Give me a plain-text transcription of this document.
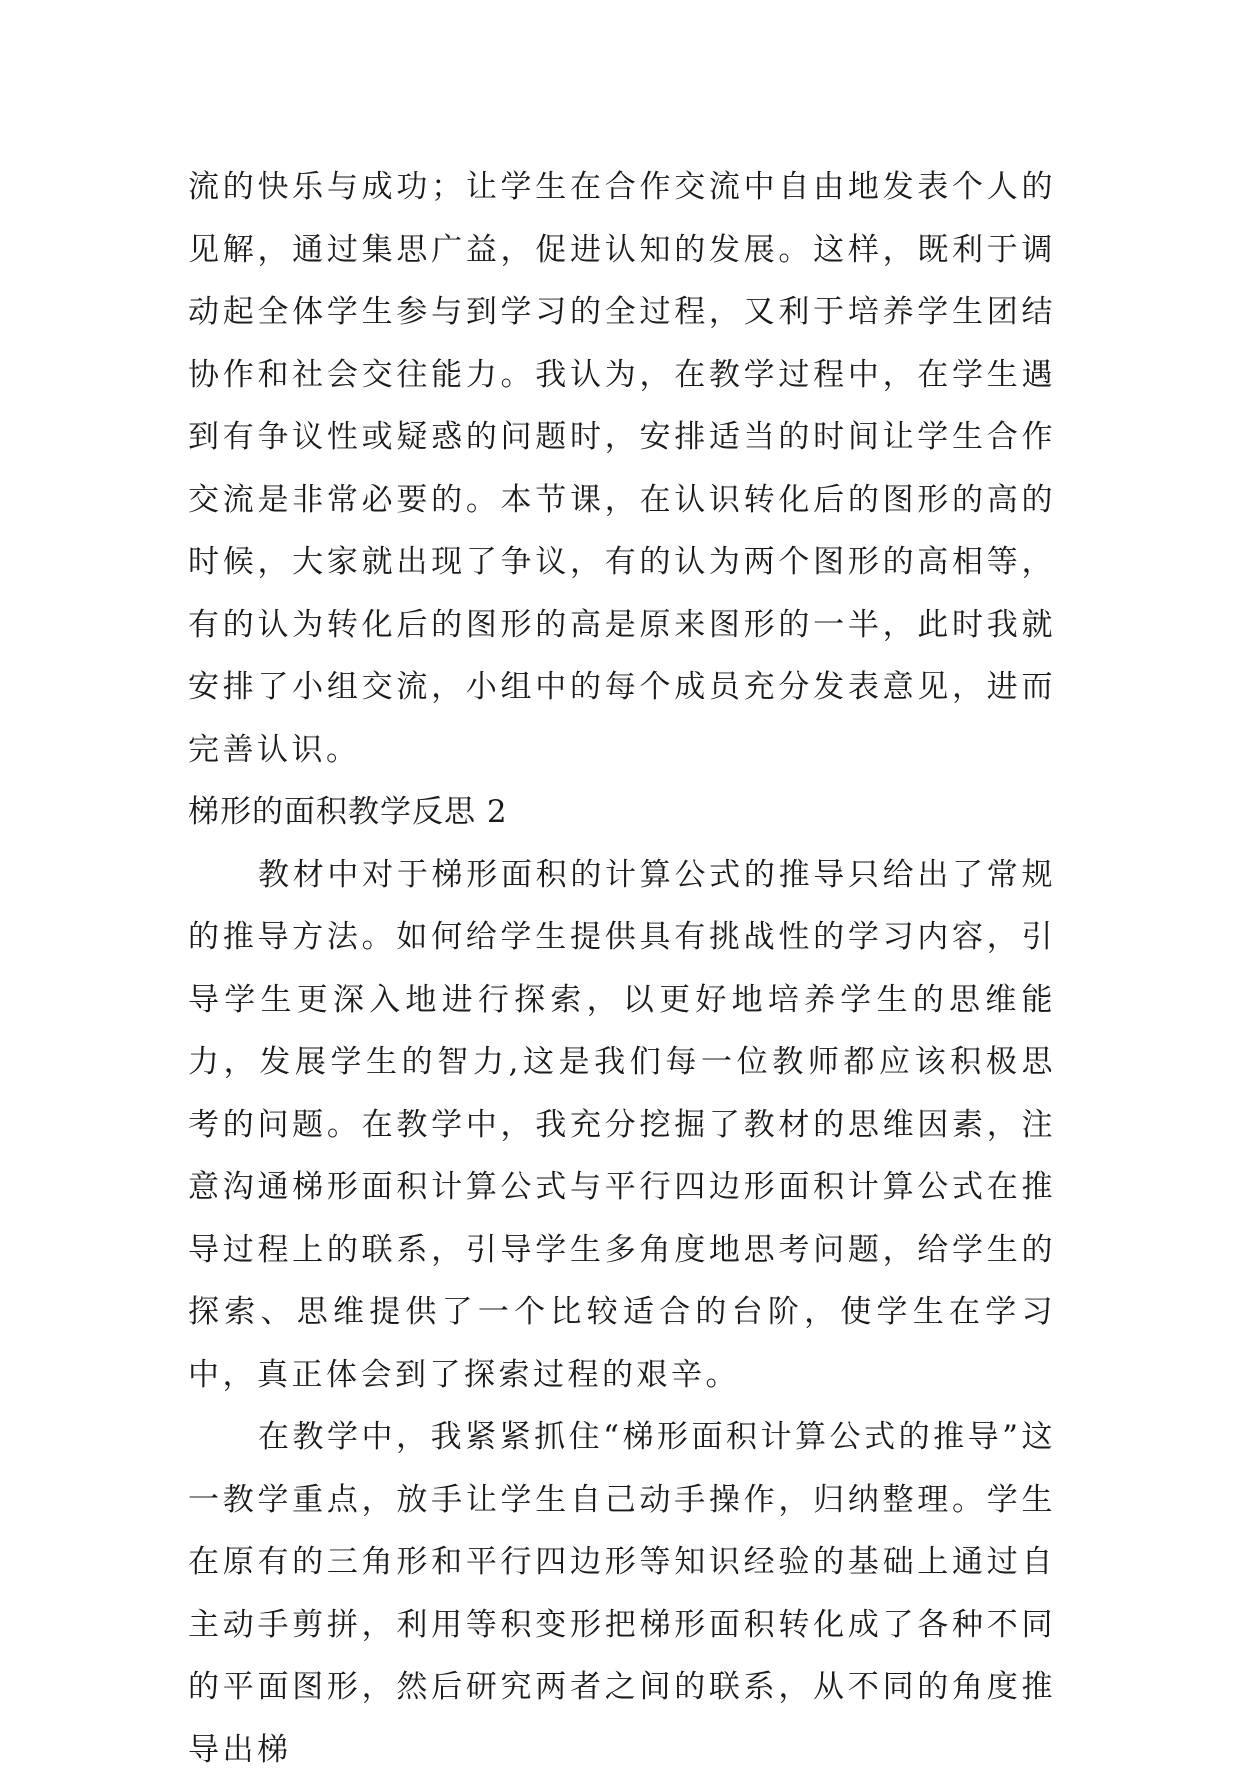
流的快乐与成功；让学生在合作交流中自由地发表个人的见解，通过集思广益，促进认知的发展。这样，既利于调动起全体学生参与到学习的全过程，又利于培养学生团结协作和社会交往能力。我认为，在教学过程中，在学生遇到有争议性或疑惑的问题时，安排适当的时间让学生合作交流是非常必要的。本节课，在认识转化后的图形的高的时候，大家就出现了争议，有的认为两个图形的高相等，有的认为转化后的图形的高是原来图形的一半，此时我就安排了小组交流，小组中的每个成员充分发表意见，进而完善认识。

梯形的面积教学反思 2

教材中对于梯形面积的计算公式的推导只给出了常规的推导方法。如何给学生提供具有挑战性的学习内容，引导学生更深入地进行探索，以更好地培养学生的思维能力，发展学生的智力,这是我们每一位教师都应该积极思考的问题。在教学中，我充分挖掘了教材的思维因素，注意沟通梯形面积计算公式与平行四边形面积计算公式在推导过程上的联系，引导学生多角度地思考问题，给学生的探索、思维提供了一个比较适合的台阶，使学生在学习中，真正体会到了探索过程的艰辛。

在教学中，我紧紧抓住“梯形面积计算公式的推导”这一教学重点，放手让学生自己动手操作，归纳整理。学生在原有的三角形和平行四边形等知识经验的基础上通过自主动手剪拼，利用等积变形把梯形面积转化成了各种不同的平面图形，然后研究两者之间的联系，从不同的角度推导出梯
